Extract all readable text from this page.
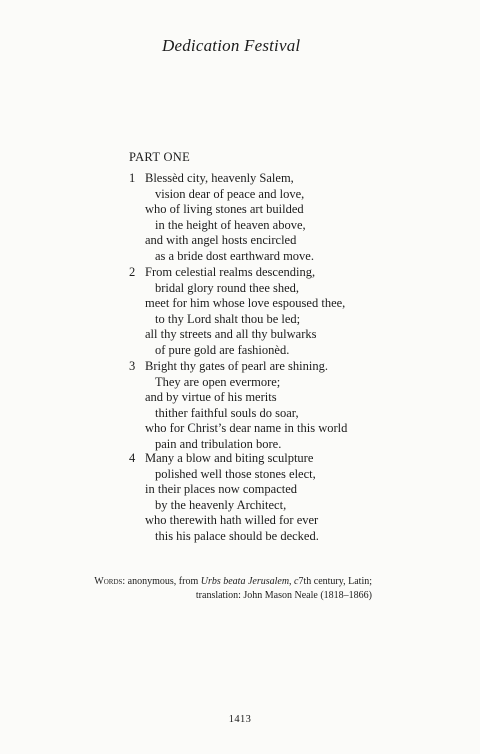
Dedication Festival
PART ONE
1 Blessèd city, heavenly Salem,
vision dear of peace and love,
who of living stones art builded
in the height of heaven above,
and with angel hosts encircled
as a bride dost earthward move.
2 From celestial realms descending,
bridal glory round thee shed,
meet for him whose love espoused thee,
to thy Lord shalt thou be led;
all thy streets and all thy bulwarks
of pure gold are fashionèd.
3 Bright thy gates of pearl are shining.
They are open evermore;
and by virtue of his merits
thither faithful souls do soar,
who for Christ’s dear name in this world
pain and tribulation bore.
4 Many a blow and biting sculpture
polished well those stones elect,
in their places now compacted
by the heavenly Architect,
who therewith hath willed for ever
this his palace should be decked.
Words: anonymous, from Urbs beata Jerusalem, c7th century, Latin;
translation: John Mason Neale (1818–1866)
1413
